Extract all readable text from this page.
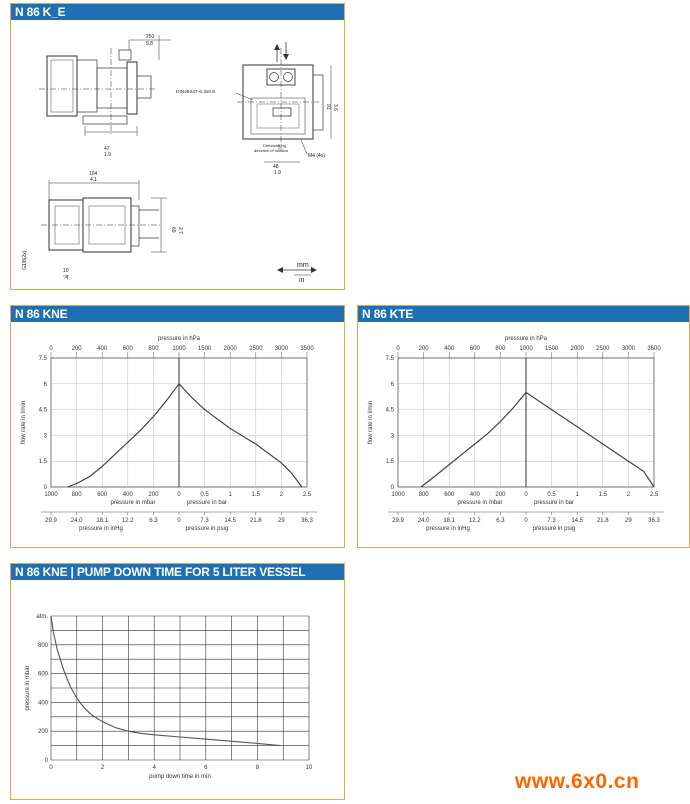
N 86 K_E
250
9.8
47
1.9
DIN46247-6.3x0.8
Drehrichtung
direction of rotation
M4 (4x)
48
1.9
91 3.6
104
4.1
69 2.7
G1/8(2x)
10
.4
mm
in
N 86 KNE
0
1.5
3
4.5
6
7.5
pressure in hPa
0	200	400	600	800 1000 1500 2000 2500 3000 3500
1000 800	600	400	200	0	0.5	1	1.5	2	2.5
pressure in mbar	pressure in bar
29.9 24.0 18.1 12.2	6.3	0	7.3	14.5 21.8	29	36.3
pressure in inHg	pressure in psig
flow rate in l/min
N 86 KTE
0
1.5
3
4.5
6
7.5
pressure in hPa
0	200	400	600	800 1000 1500 2000 2500 3000 3500
1000 800	600	400	200	0	0.5	1	1.5	2	2.5
pressure in mbar	pressure in bar
29.9 24.0 18.1 12.2	6.3	0	7.3	14.5 21.8	29	36.3
pressure in inHg	pressure in psig
flow rate in l/min
N 86 KNE | PUMP DOWN TIME FOR 5 LITER VESSEL
0
200
400
600
800
atm.
0	2	4	6	8	10
pump down time in min
pressure in mbar
www.6x0.cn
